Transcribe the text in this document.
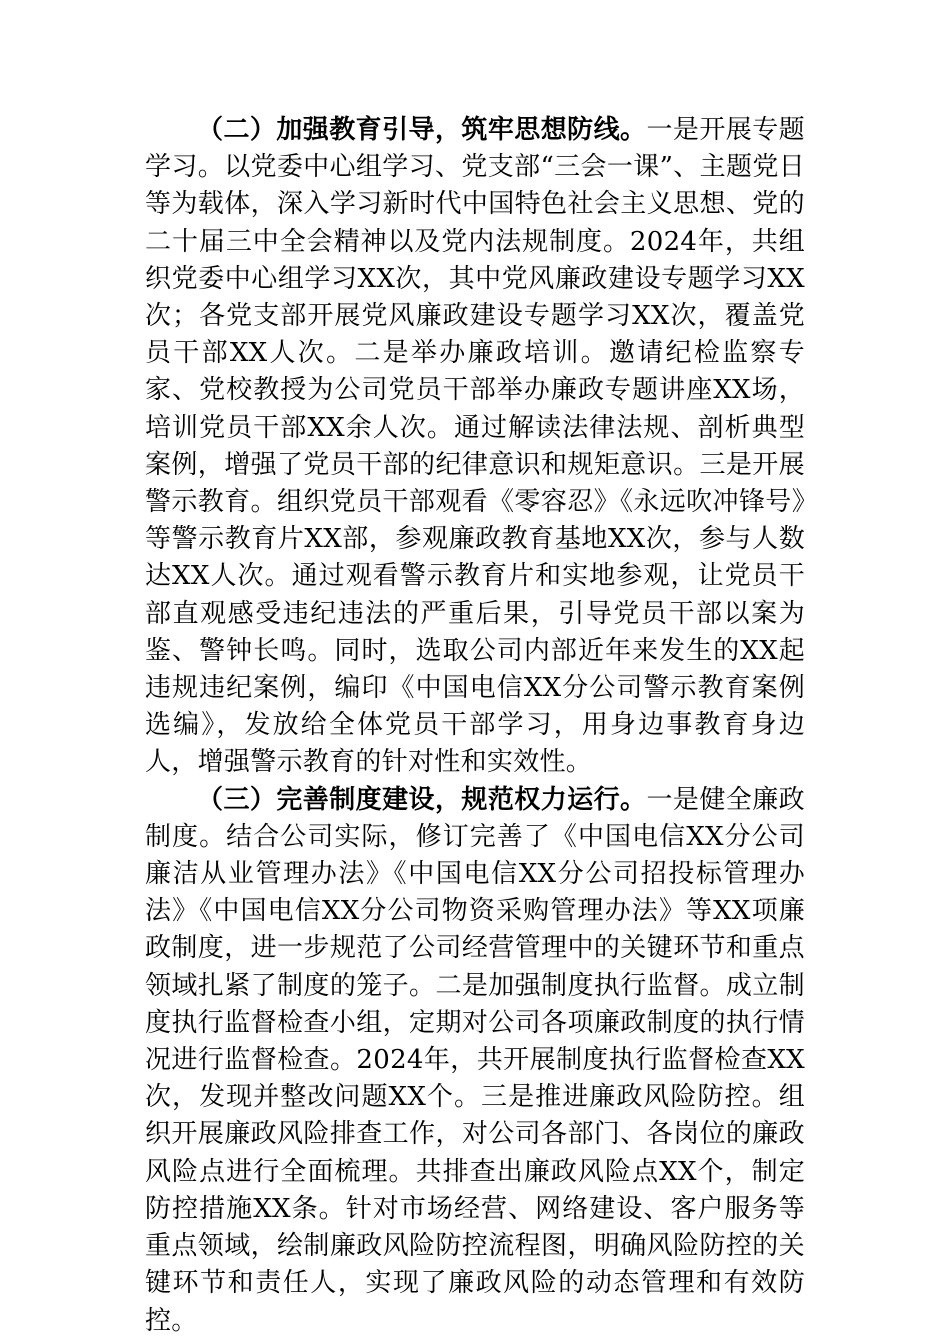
（二）加强教育引导，筑牢思想防线。一是开展专题学习。以党委中心组学习、党支部“三会一课”、主题党日等为载体，深入学习新时代中国特色社会主义思想、党的二十届三中全会精神以及党内法规制度。2024年，共组织党委中心组学习XX次，其中党风廉政建设专题学习XX次；各党支部开展党风廉政建设专题学习XX次，覆盖党员干部XX人次。二是举办廉政培训。邀请纪检监察专家、党校教授为公司党员干部举办廉政专题讲座XX场，培训党员干部XX余人次。通过解读法律法规、剖析典型案例，增强了党员干部的纪律意识和规矩意识。三是开展警示教育。组织党员干部观看《零容忍》《永远吹冲锋号》等警示教育片XX部，参观廉政教育基地XX次，参与人数达XX人次。通过观看警示教育片和实地参观，让党员干部直观感受违纪违法的严重后果，引导党员干部以案为鉴、警钟长鸣。同时，选取公司内部近年来发生的XX起违规违纪案例，编印《中国电信XX分公司警示教育案例选编》，发放给全体党员干部学习，用身边事教育身边人，增强警示教育的针对性和实效性。

（三）完善制度建设，规范权力运行。一是健全廉政制度。结合公司实际，修订完善了《中国电信XX分公司廉洁从业管理办法》《中国电信XX分公司招投标管理办法》《中国电信XX分公司物资采购管理办法》等XX项廉政制度，进一步规范了公司经营管理中的关键环节和重点领域扎紧了制度的笼子。二是加强制度执行监督。成立制度执行监督检查小组，定期对公司各项廉政制度的执行情况进行监督检查。2024年，共开展制度执行监督检查XX次，发现并整改问题XX个。三是推进廉政风险防控。组织开展廉政风险排查工作，对公司各部门、各岗位的廉政风险点进行全面梳理。共排查出廉政风险点XX个，制定防控措施XX条。针对市场经营、网络建设、客户服务等重点领域，绘制廉政风险防控流程图，明确风险防控的关键环节和责任人，实现了廉政风险的动态管理和有效防控。
